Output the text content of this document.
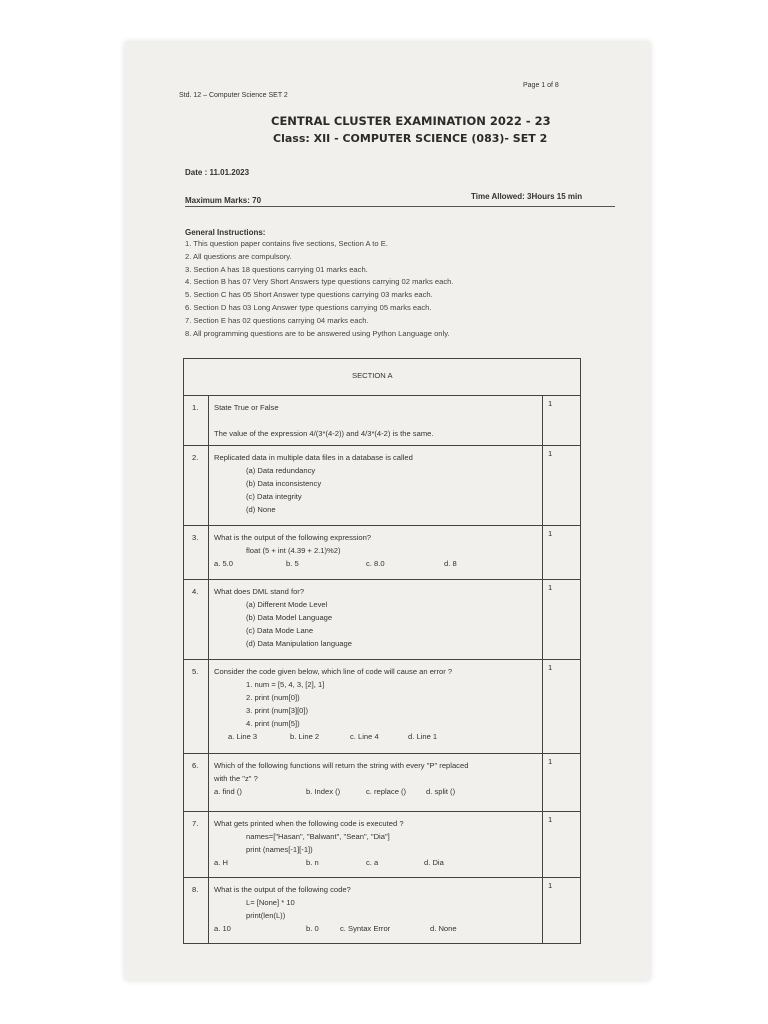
Std. 12 – Computer Science SET 2
Page 1 of 8
CENTRAL CLUSTER EXAMINATION 2022 - 23
Class: XII - COMPUTER SCIENCE (083)- SET 2
Date : 11.01.2023
Maximum Marks: 70	Time Allowed: 3Hours 15 min
General Instructions:
1. This question paper contains five sections, Section A to E.
2. All questions are compulsory.
3. Section A has 18 questions carrying 01 marks each.
4. Section B has 07 Very Short Answers type questions carrying 02 marks each.
5. Section C has 05 Short Answer type questions carrying 03 marks each.
6. Section D has 03 Long Answer type questions carrying 05 marks each.
7. Section E has 02 questions carrying 04 marks each.
8. All programming questions are to be answered using Python Language only.
SECTION A
1. State True or False

The value of the expression 4/(3*(4-2)) and 4/3*(4-2) is the same.
1
2. Replicated data in multiple data files in a database is called
(a) Data redundancy
(b) Data inconsistency
(c) Data integrity
(d) None
1
3. What is the output of the following expression?
float (5 + int (4.39 + 2.1)%2)
a. 5.0	b. 5	c. 8.0	d. 8
1
4. What does DML stand for?
(a) Different Mode Level
(b) Data Model Language
(c) Data Mode Lane
(d) Data Manipulation language
1
5. Consider the code given below, which line of code will cause an error ?
1. num = [5, 4, 3, [2], 1]
2. print (num[0])
3. print (num[3][0])
4. print (num[5])
a. Line 3	b. Line 2	c. Line 4	d. Line 1
1
6. Which of the following functions will return the string with every "P" replaced
with the "z" ?
a. find ()	b. Index ()	c. replace ()	d. split ()
1
7. What gets printed when the following code is executed ?
names=["Hasan", "Balwant", "Sean", "Dia"]
print (names[-1][-1])
a. H	b. n	c. a	d. Dia
1
8. What is the output of the following code?
L= [None] * 10
print(len(L))
a. 10	b. 0	c. Syntax Error	d. None
1
